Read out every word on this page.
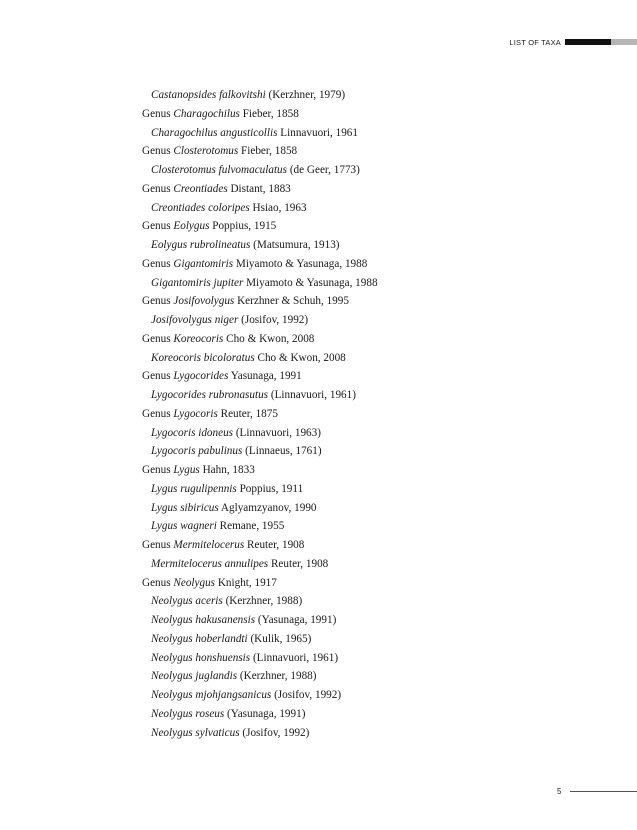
LIST OF TAXA
Castanopsides falkovitshi (Kerzhner, 1979)
Genus Charagochilus Fieber, 1858
Charagochilus angusticollis Linnavuori, 1961
Genus Closterotomus Fieber, 1858
Closterotomus fulvomaculatus (de Geer, 1773)
Genus Creontiades Distant, 1883
Creontiades coloripes Hsiao, 1963
Genus Eolygus Poppius, 1915
Eolygus rubrolineatus (Matsumura, 1913)
Genus Gigantomiris Miyamoto & Yasunaga, 1988
Gigantomiris jupiter Miyamoto & Yasunaga, 1988
Genus Josifovolygus Kerzhner & Schuh, 1995
Josifovolygus niger (Josifov, 1992)
Genus Koreocoris Cho & Kwon, 2008
Koreocoris bicoloratus Cho & Kwon, 2008
Genus Lygocorides Yasunaga, 1991
Lygocorides rubronasutus (Linnavuori, 1961)
Genus Lygocoris Reuter, 1875
Lygocoris idoneus (Linnavuori, 1963)
Lygocoris pabulinus (Linnaeus, 1761)
Genus Lygus Hahn, 1833
Lygus rugulipennis Poppius, 1911
Lygus sibiricus Aglyamzyanov, 1990
Lygus wagneri Remane, 1955
Genus Mermitelocerus Reuter, 1908
Mermitelocerus annulipes Reuter, 1908
Genus Neolygus Knight, 1917
Neolygus aceris (Kerzhner, 1988)
Neolygus hakusanensis (Yasunaga, 1991)
Neolygus hoberlandti (Kulik, 1965)
Neolygus honshuensis (Linnavuori, 1961)
Neolygus juglandis (Kerzhner, 1988)
Neolygus mjohjangsanicus (Josifov, 1992)
Neolygus roseus (Yasunaga, 1991)
Neolygus sylvaticus (Josifov, 1992)
5
